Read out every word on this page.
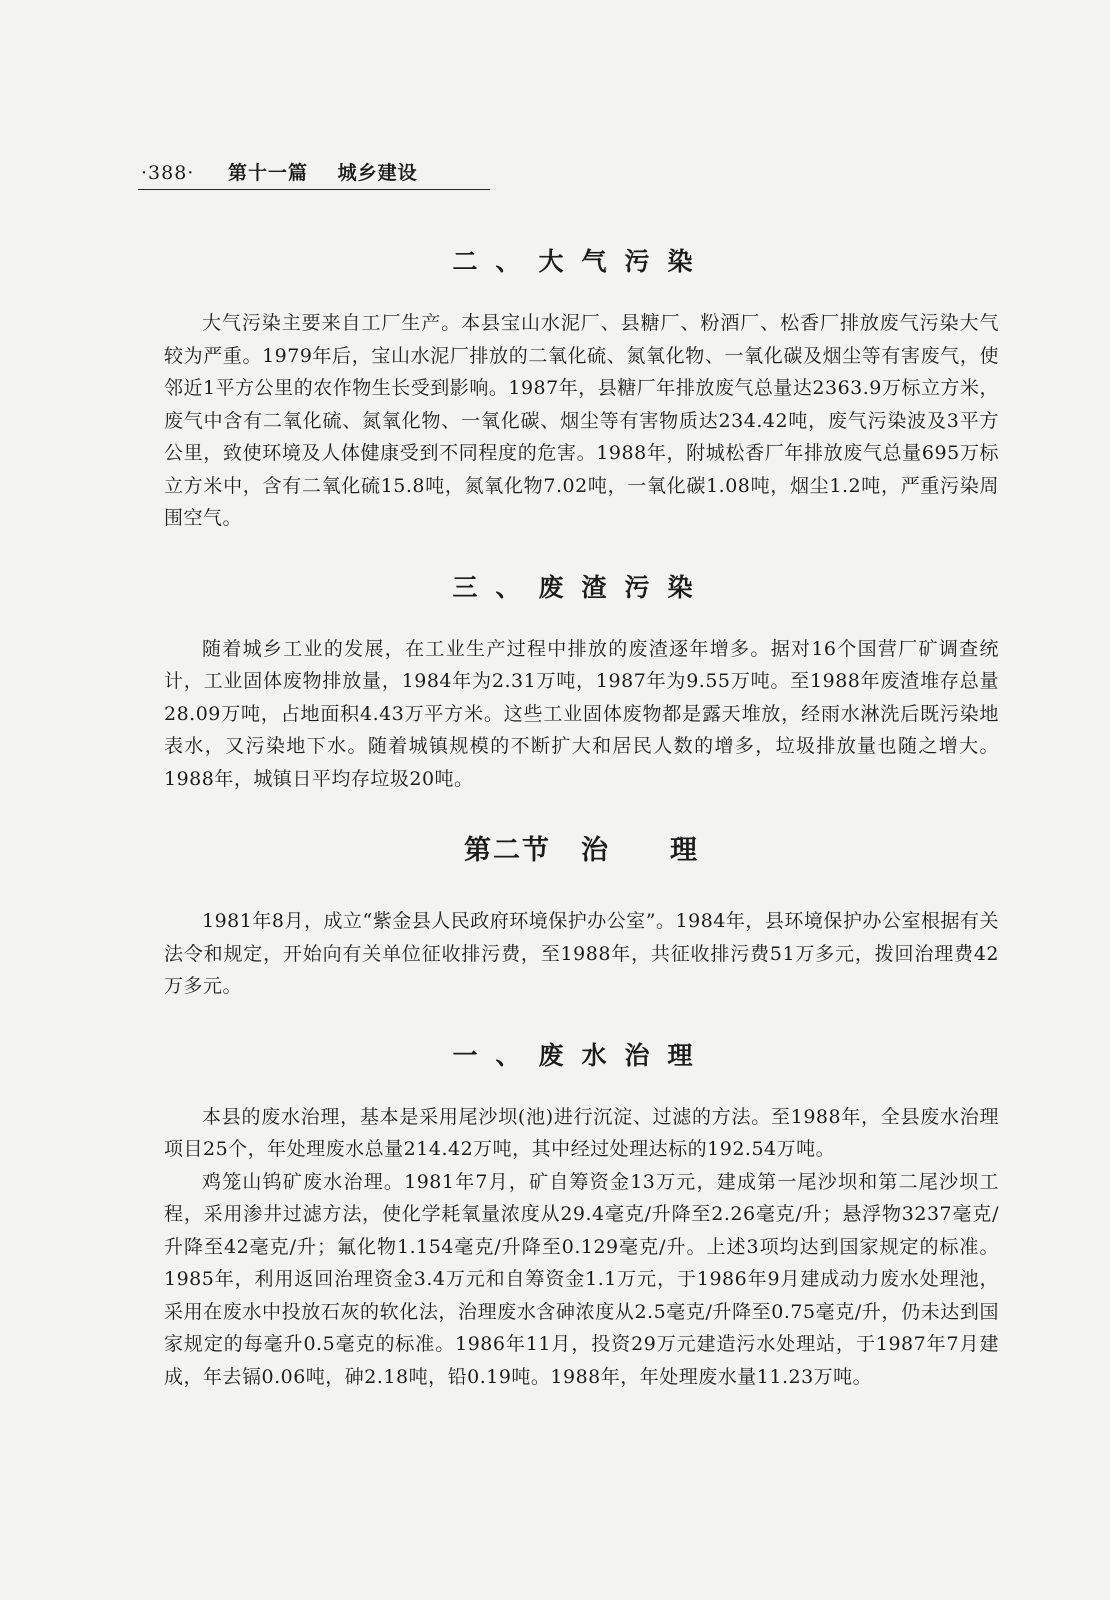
·388· 第十一篇 城乡建设
二、大气污染

大气污染主要来自工厂生产。本县宝山水泥厂、县糖厂、粉酒厂、松香厂排放废气污染大气较为严重。1979年后，宝山水泥厂排放的二氧化硫、氮氧化物、一氧化碳及烟尘等有害废气，使邻近1平方公里的农作物生长受到影响。1987年，县糖厂年排放废气总量达2363.9万标立方米，废气中含有二氧化硫、氮氧化物、一氧化碳、烟尘等有害物质达234.42吨，废气污染波及3平方公里，致使环境及人体健康受到不同程度的危害。1988年，附城松香厂年排放废气总量695万标立方米中，含有二氧化硫15.8吨，氮氧化物7.02吨，一氧化碳1.08吨，烟尘1.2吨，严重污染周围空气。

三、废渣污染

随着城乡工业的发展，在工业生产过程中排放的废渣逐年增多。据对16个国营厂矿调查统计，工业固体废物排放量，1984年为2.31万吨，1987年为9.55万吨。至1988年废渣堆存总量28.09万吨，占地面积4.43万平方米。这些工业固体废物都是露天堆放，经雨水淋洗后既污染地表水，又污染地下水。随着城镇规模的不断扩大和居民人数的增多，垃圾排放量也随之增大。1988年，城镇日平均存垃圾20吨。

第二节 治 理

1981年8月，成立“紫金县人民政府环境保护办公室”。1984年，县环境保护办公室根据有关法令和规定，开始向有关单位征收排污费，至1988年，共征收排污费51万多元，拨回治理费42万多元。

一、废水治理

本县的废水治理，基本是采用尾沙坝(池)进行沉淀、过滤的方法。至1988年，全县废水治理项目25个，年处理废水总量214.42万吨，其中经过处理达标的192.54万吨。

鸡笼山钨矿废水治理。1981年7月，矿自筹资金13万元，建成第一尾沙坝和第二尾沙坝工程，采用渗井过滤方法，使化学耗氧量浓度从29.4毫克/升降至2.26毫克/升；悬浮物3237毫克/升降至42毫克/升；氟化物1.154毫克/升降至0.129毫克/升。上述3项均达到国家规定的标准。1985年，利用返回治理资金3.4万元和自筹资金1.1万元，于1986年9月建成动力废水处理池，采用在废水中投放石灰的软化法，治理废水含砷浓度从2.5毫克/升降至0.75毫克/升，仍未达到国家规定的每毫升0.5毫克的标准。1986年11月，投资29万元建造污水处理站，于1987年7月建成，年去镉0.06吨，砷2.18吨，铅0.19吨。1988年，年处理废水量11.23万吨。
